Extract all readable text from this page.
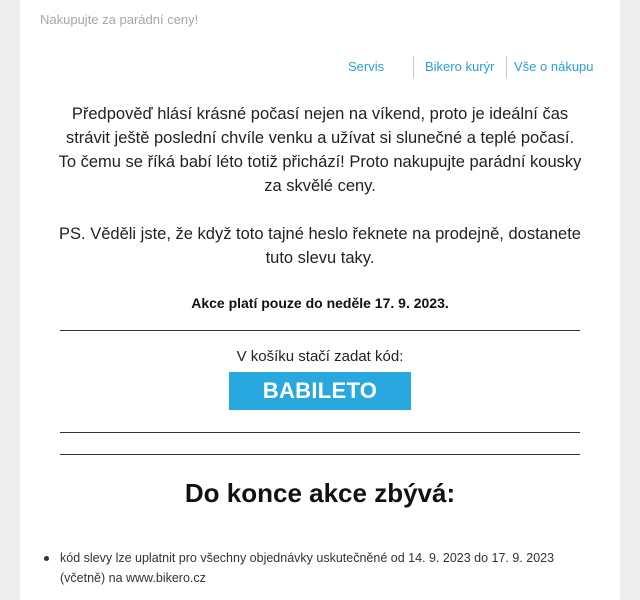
Nakupujte za parádní ceny!
Servis	Bikero kurýr Vše o nákupu
Předpověď hlásí krásné počasí nejen na víkend, proto je ideální čas strávit ještě poslední chvíle venku a užívat si slunečné a teplé počasí.
To čemu se říká babí léto totiž přichází! Proto nakupujte parádní kousky za skvělé ceny.
PS. Věděli jste, že když toto tajné heslo řeknete na prodejně, dostanete tuto slevu taky.
Akce platí pouze do neděle 17. 9. 2023.
V košíku stačí zadat kód:
BABILETO
Do konce akce zbývá:
kód slevy lze uplatnit pro všechny objednávky uskutečněné od 14. 9. 2023 do 17. 9. 2023 (včetně) na www.bikero.cz
